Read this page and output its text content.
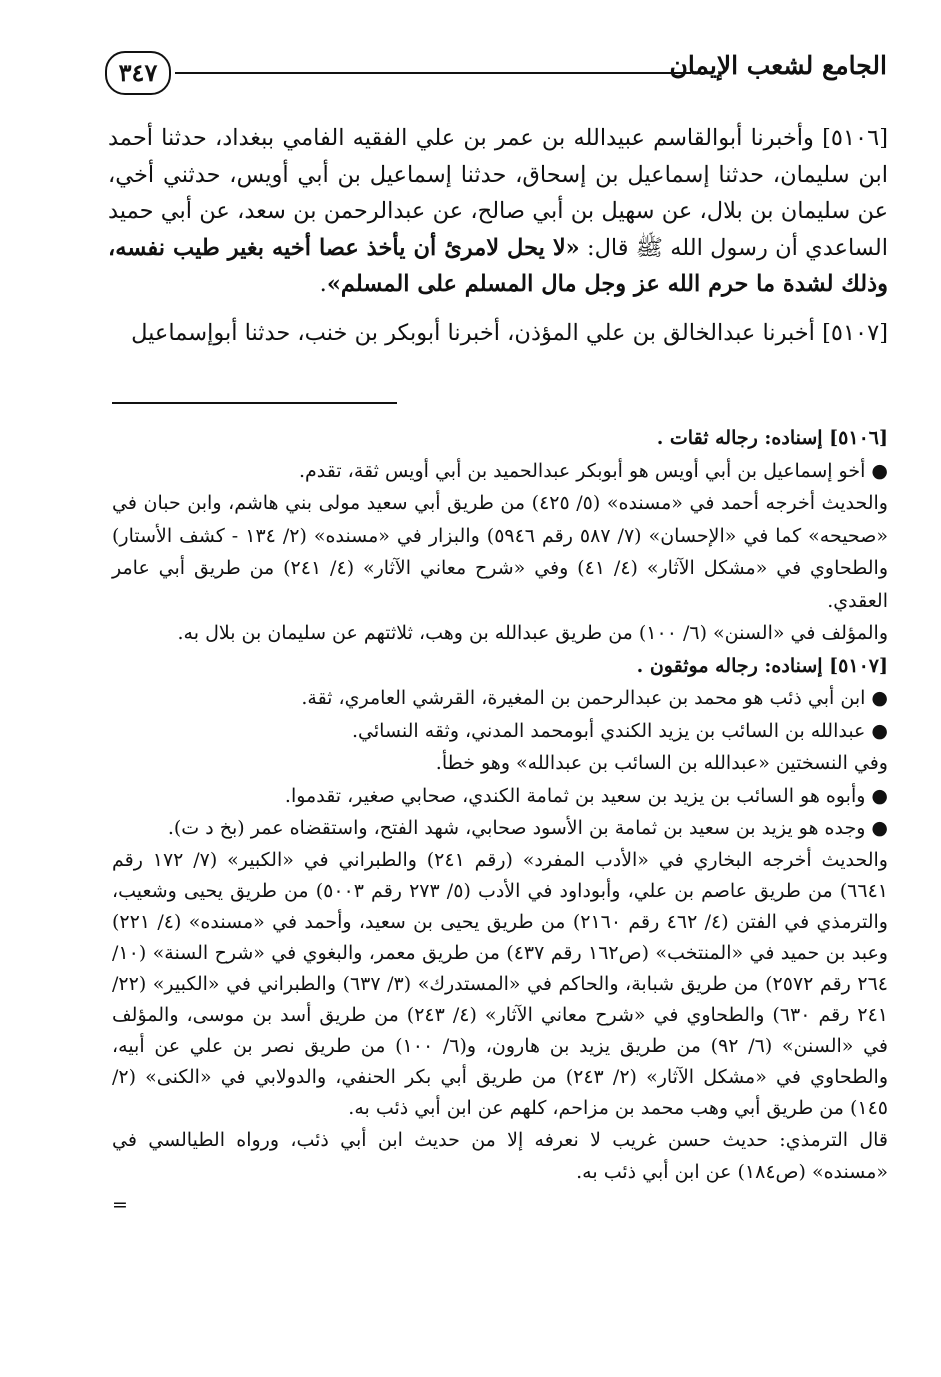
الجامع لشعب الإيمان
٣٤٧

[٥١٠٦] وأخبرنا أبوالقاسم عبيدالله بن عمر بن علي الفقيه الفامي ببغداد، حدثنا أحمد ابن سليمان، حدثنا إسماعيل بن إسحاق، حدثنا إسماعيل بن أبي أويس، حدثني أخي، عن سليمان بن بلال، عن سهيل بن أبي صالح، عن عبدالرحمن بن سعد، عن أبي حميد الساعدي أن رسول الله ﷺ قال: «لا يحل لامرئ أن يأخذ عصا أخيه بغير طيب نفسه، وذلك لشدة ما حرم الله عز وجل مال المسلم على المسلم».

[٥١٠٧] أخبرنا عبدالخالق بن علي المؤذن، أخبرنا أبوبكر بن خنب، حدثنا أبوإسماعيل

[٥١٠٦] إسناده: رجاله ثقات .

●أخو إسماعيل بن أبي أويس هو أبوبكر عبدالحميد بن أبي أويس ثقة، تقدم.

والحديث أخرجه أحمد في «مسنده» (٥/ ٤٢٥) من طريق أبي سعيد مولى بني هاشم، وابن حبان في «صحيحه» كما في «الإحسان» (٧/ ٥٨٧ رقم ٥٩٤٦) والبزار في «مسنده» (٢/ ١٣٤ - كشف الأستار) والطحاوي في «مشكل الآثار» (٤/ ٤١) وفي «شرح معاني الآثار» (٤/ ٢٤١) من طريق أبي عامر العقدي.

والمؤلف في «السنن» (٦/ ١٠٠) من طريق عبدالله بن وهب، ثلاثتهم عن سليمان بن بلال به.

[٥١٠٧] إسناده: رجاله موثقون .

●ابن أبي ذئب هو محمد بن عبدالرحمن بن المغيرة، القرشي العامري، ثقة.

●عبدالله بن السائب بن يزيد الكندي أبومحمد المدني، وثقه النسائي.

وفي النسختين «عبدالله بن السائب بن عبدالله» وهو خطأ.

●وأبوه هو السائب بن يزيد بن سعيد بن ثمامة الكندي، صحابي صغير، تقدموا.

●وجده هو يزيد بن سعيد بن ثمامة بن الأسود صحابي، شهد الفتح، واستقضاه عمر (بخ د ت).

والحديث أخرجه البخاري في «الأدب المفرد» (رقم ٢٤١) والطبراني في «الكبير» (٧/ ١٧٢ رقم ٦٦٤١) من طريق عاصم بن علي، وأبوداود في الأدب (٥/ ٢٧٣ رقم ٥٠٠٣) من طريق يحيى وشعيب، والترمذي في الفتن (٤/ ٤٦٢ رقم ٢١٦٠) من طريق يحيى بن سعيد، وأحمد في «مسنده» (٤/ ٢٢١) وعبد بن حميد في «المنتخب» (ص١٦٢ رقم ٤٣٧) من طريق معمر، والبغوي في «شرح السنة» (١٠/ ٢٦٤ رقم ٢٥٧٢) من طريق شبابة، والحاكم في «المستدرك» (٣/ ٦٣٧) والطبراني في «الكبير» (٢٢/ ٢٤١ رقم ٦٣٠) والطحاوي في «شرح معاني الآثار» (٤/ ٢٤٣) من طريق أسد بن موسى، والمؤلف في «السنن» (٦/ ٩٢) من طريق يزيد بن هارون، و(٦/ ١٠٠) من طريق نصر بن علي عن أبيه، والطحاوي في «مشكل الآثار» (٢/ ٢٤٣) من طريق أبي بكر الحنفي، والدولابي في «الكنى» (٢/ ١٤٥) من طريق أبي وهب محمد بن مزاحم، كلهم عن ابن أبي ذئب به.

قال الترمذي: حديث حسن غريب لا نعرفه إلا من حديث ابن أبي ذئب، ورواه الطيالسي في «مسنده» (ص١٨٤) عن ابن أبي ذئب به.

=
